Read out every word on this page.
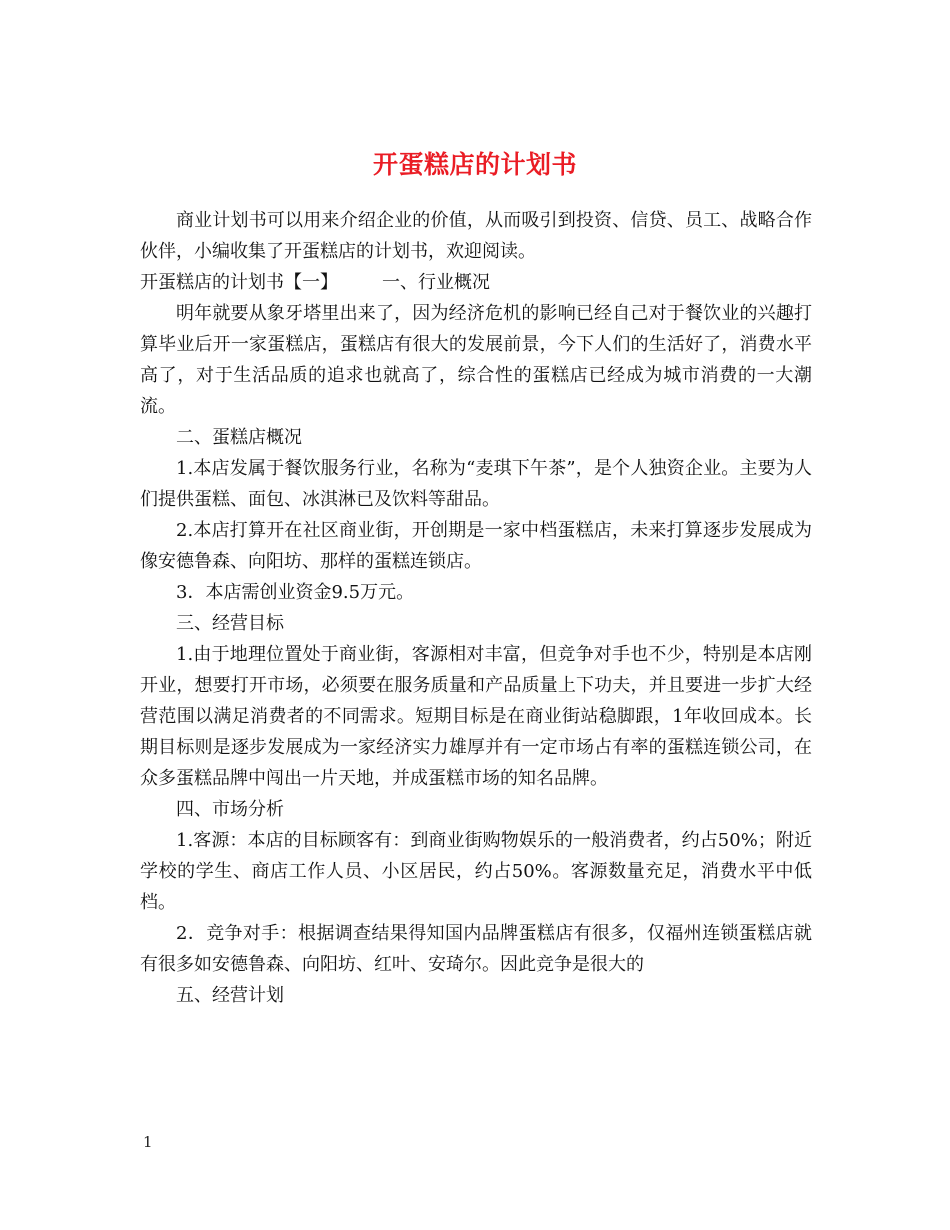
开蛋糕店的计划书

商业计划书可以用来介绍企业的价值，从而吸引到投资、信贷、员工、战略合作伙伴，小编收集了开蛋糕店的计划书，欢迎阅读。

开蛋糕店的计划书【一】 一、行业概况

明年就要从象牙塔里出来了，因为经济危机的影响已经自己对于餐饮业的兴趣打算毕业后开一家蛋糕店，蛋糕店有很大的发展前景，今下人们的生活好了，消费水平高了，对于生活品质的追求也就高了，综合性的蛋糕店已经成为城市消费的一大潮流。

二、蛋糕店概况

1.本店发属于餐饮服务行业，名称为“麦琪下午茶”，是个人独资企业。主要为人们提供蛋糕、面包、冰淇淋已及饮料等甜品。

2.本店打算开在社区商业街，开创期是一家中档蛋糕店，未来打算逐步发展成为像安德鲁森、向阳坊、那样的蛋糕连锁店。

3．本店需创业资金9.5万元。

三、经营目标

1.由于地理位置处于商业街，客源相对丰富，但竞争对手也不少，特别是本店刚开业，想要打开市场，必须要在服务质量和产品质量上下功夫，并且要进一步扩大经营范围以满足消费者的不同需求。短期目标是在商业街站稳脚跟，1年收回成本。长期目标则是逐步发展成为一家经济实力雄厚并有一定市场占有率的蛋糕连锁公司，在众多蛋糕品牌中闯出一片天地，并成蛋糕市场的知名品牌。

四、市场分析

1.客源：本店的目标顾客有：到商业街购物娱乐的一般消费者，约占50%；附近学校的学生、商店工作人员、小区居民，约占50%。客源数量充足，消费水平中低档。

2．竞争对手：根据调查结果得知国内品牌蛋糕店有很多，仅福州连锁蛋糕店就有很多如安德鲁森、向阳坊、红叶、安琦尔。因此竞争是很大的

五、经营计划

1
